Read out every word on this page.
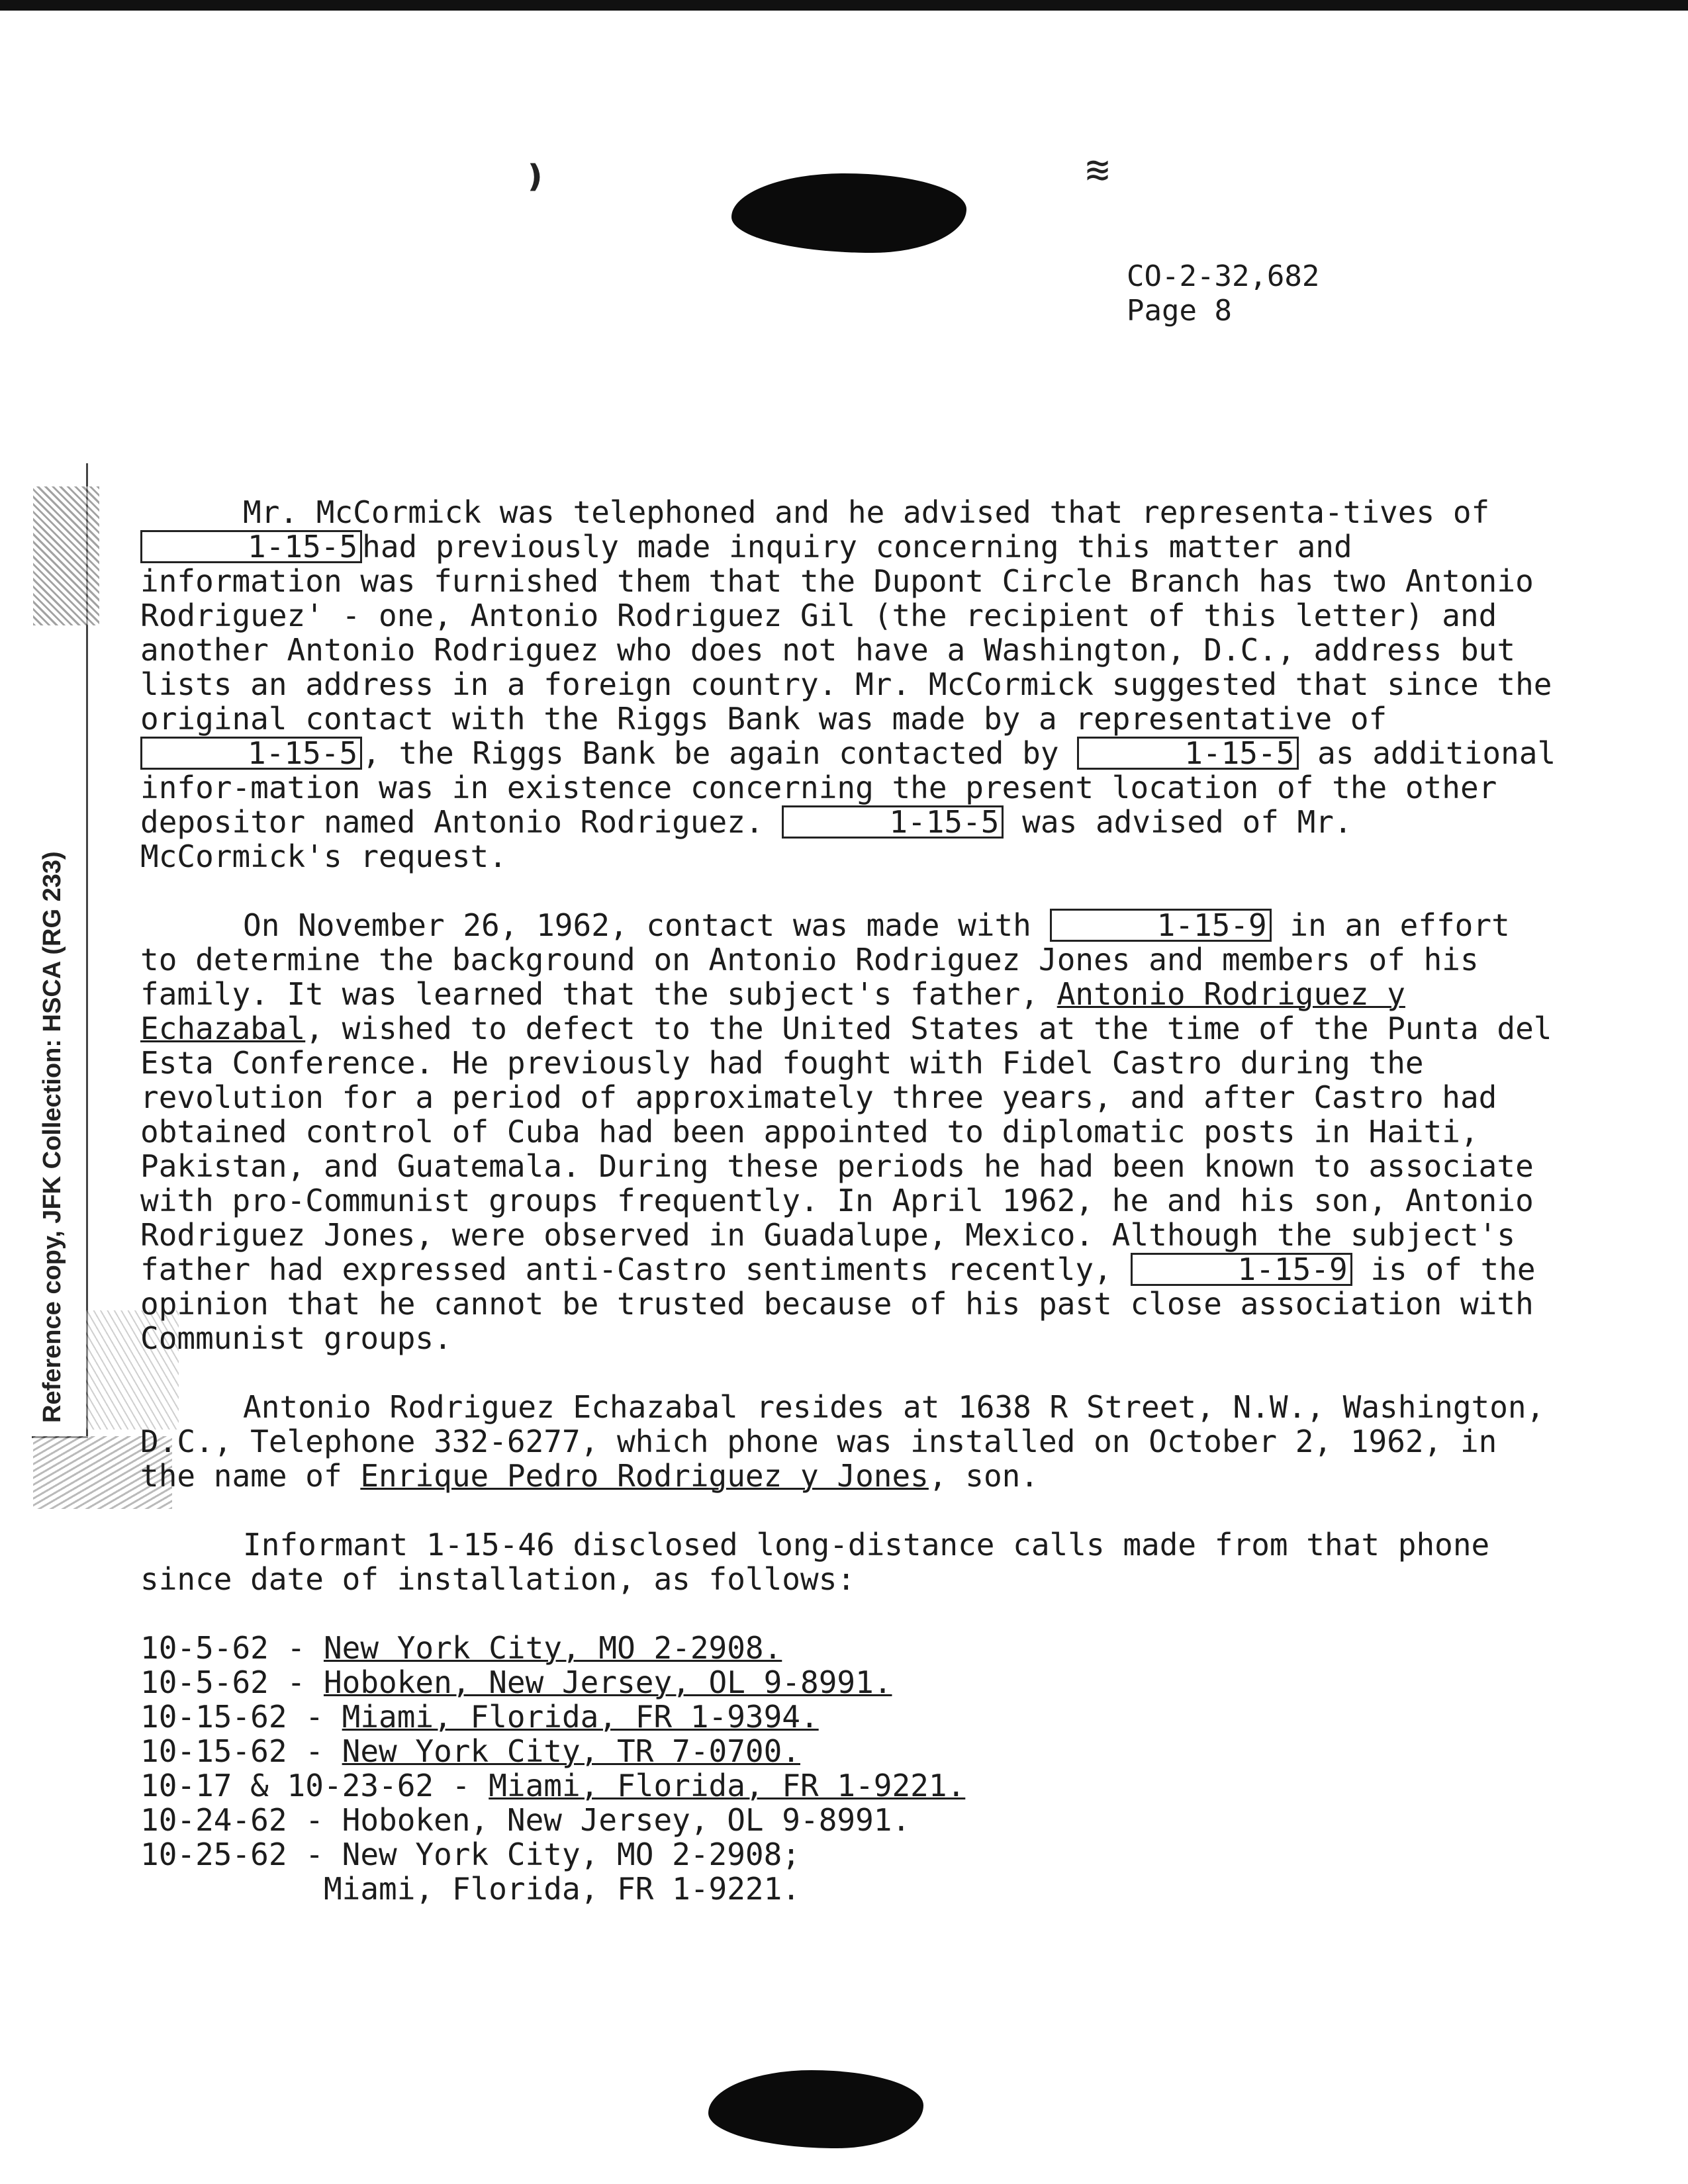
❫	≋
CO-2-32,682
Page 8
Reference copy, JFK Collection: HSCA (RG 233)

Mr. McCormick was telephoned and he advised that representa-tives of 1-15-5 had previously made inquiry concerning this matter and information was furnished them that the Dupont Circle Branch has two Antonio Rodriguez' - one, Antonio Rodriguez Gil (the recipient of this letter) and another Antonio Rodriguez who does not have a Washington, D.C., address but lists an address in a foreign country. Mr. McCormick suggested that since the original contact with the Riggs Bank was made by a representative of 1-15-5 , the Riggs Bank be again contacted by	1-15-5 as additional infor-mation was in existence concerning the present location of the other depositor named Antonio Rodriguez.	1-15-5 was advised of Mr. McCormick's request.

On November 26, 1962, contact was made with	1-15-9 in an effort to determine the background on Antonio Rodriguez Jones and members of his family. It was learned that the subject's father, Antonio Rodriguez y Echazabal, wished to defect to the United States at the time of the Punta del Esta Conference. He previously had fought with Fidel Castro during the revolution for a period of approximately three years, and after Castro had obtained control of Cuba had been appointed to diplomatic posts in Haiti, Pakistan, and Guatemala. During these periods he had been known to associate with pro-Communist groups frequently. In April 1962, he and his son, Antonio Rodriguez Jones, were observed in Guadalupe, Mexico. Although the subject's father had expressed anti-Castro sentiments recently,	1-15-9 is of the opinion that he cannot be trusted because of his past close association with Communist groups.

Antonio Rodriguez Echazabal resides at 1638 R Street, N.W., Washington, D.C., Telephone 332-6277, which phone was installed on October 2, 1962, in the name of Enrique Pedro Rodriguez y Jones, son.

Informant 1-15-46 disclosed long-distance calls made from that phone since date of installation, as follows:

10-5-62 - New York City, MO 2-2908.
10-5-62 - Hoboken, New Jersey, OL 9-8991.
10-15-62 - Miami, Florida, FR 1-9394.
10-15-62 - New York City, TR 7-0700.
10-17 & 10-23-62 - Miami, Florida, FR 1-9221.
10-24-62 - Hoboken, New Jersey, OL 9-8991.
10-25-62 - New York City, MO 2-2908;
Miami, Florida, FR 1-9221.
